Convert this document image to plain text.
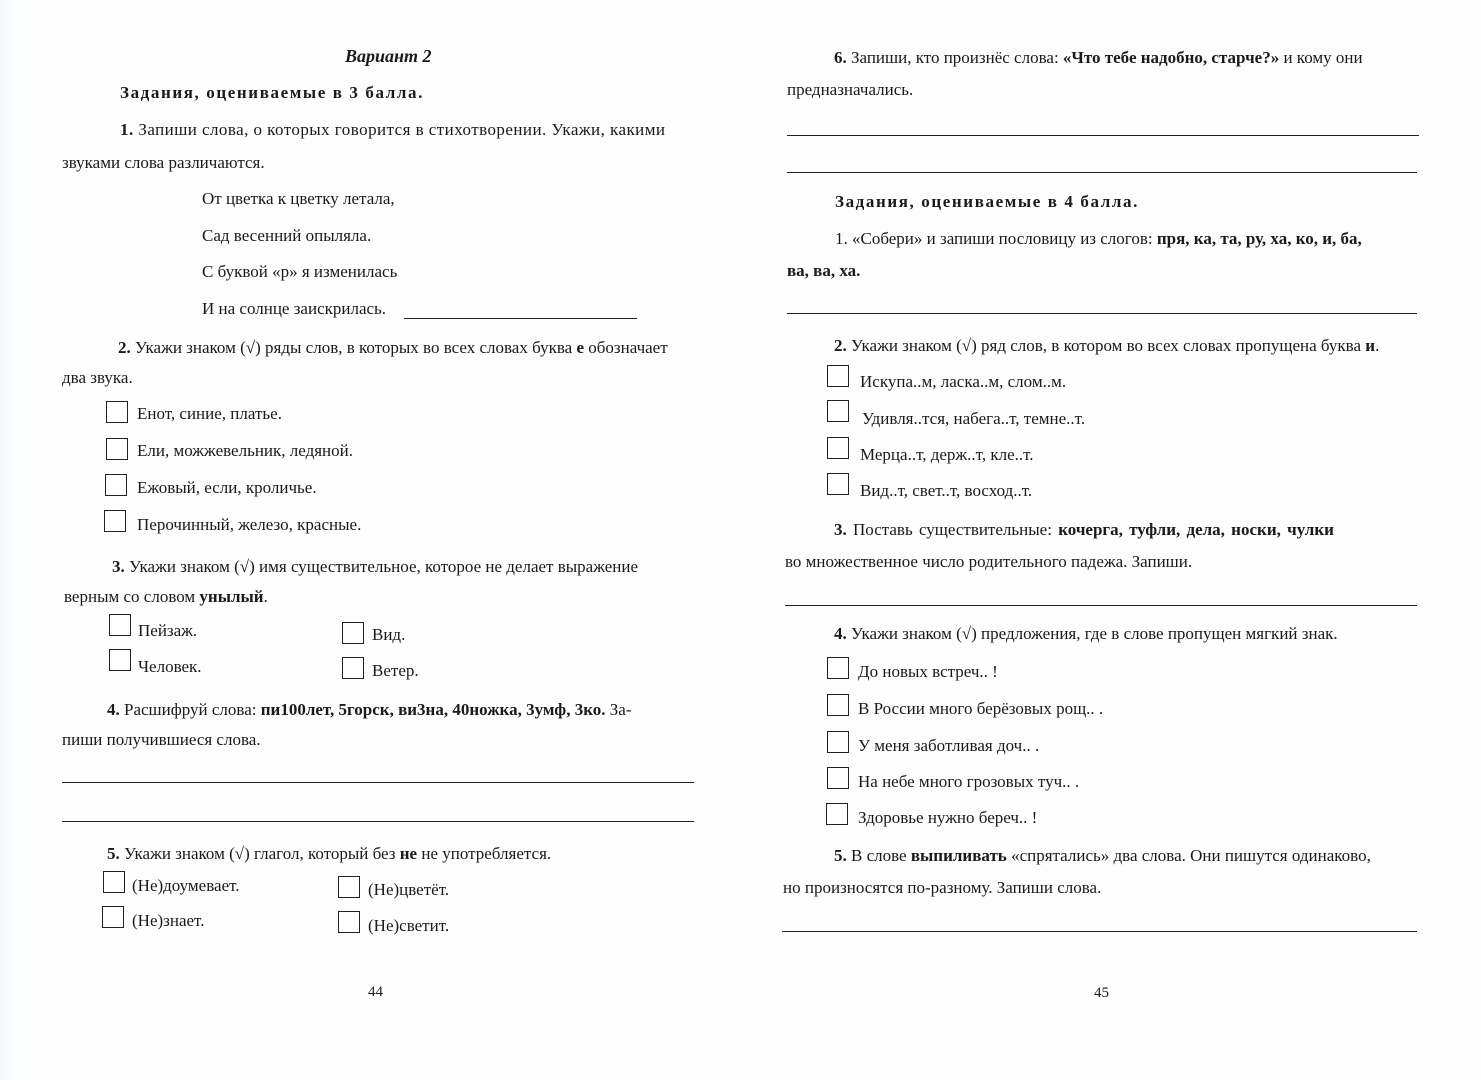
Вариант 2
Задания, оцениваемые в 3 балла.
1. Запиши слова, о которых говорится в стихотворении. Укажи, какими
звуками слова различаются.
От цветка к цветку летала,
Сад весенний опыляла.
С буквой «р» я изменилась
И на солнце заискрилась.
2. Укажи знаком (√) ряды слов, в которых во всех словах буква е обозначает
два звука.
Енот, синие, платье.
Ели, можжевельник, ледяной.
Ежовый, если, кроличье.
Перочинный, железо, красные.
3. Укажи знаком (√) имя существительное, которое не делает выражение
верным со словом унылый.
Пейзаж.	Вид.
Человек.	Ветер.
4. Расшифруй слова: пи100лет, 5горск, ви3на, 40ножка, 3умф, 3ко. За-
пиши получившиеся слова.
5. Укажи знаком (√) глагол, который без не не употребляется.
(Не)доумевает.	(Не)цветёт.
(Не)знает.	(Не)светит.
44
6. Запиши, кто произнёс слова: «Что тебе надобно, старче?» и кому они
предназначались.
Задания, оцениваемые в 4 балла.
1. «Собери» и запиши пословицу из слогов: пря, ка, та, ру, ха, ко, и, ба,
ва, ва, ха.
2. Укажи знаком (√) ряд слов, в котором во всех словах пропущена буква и.
Искупа..м, ласка..м, слом..м.
Удивля..тся, набега..т, темне..т.
Мерца..т, держ..т, кле..т.
Вид..т, свет..т, восход..т.
3. Поставь существительные: кочерга, туфли, дела, носки, чулки
во множественное число родительного падежа. Запиши.
4. Укажи знаком (√) предложения, где в слове пропущен мягкий знак.
До новых встреч.. !
В России много берёзовых рощ.. .
У меня заботливая доч.. .
На небе много грозовых туч.. .
Здоровье нужно береч.. !
5. В слове выпиливать «спрятались» два слова. Они пишутся одинаково,
но произносятся по-разному. Запиши слова.
45
